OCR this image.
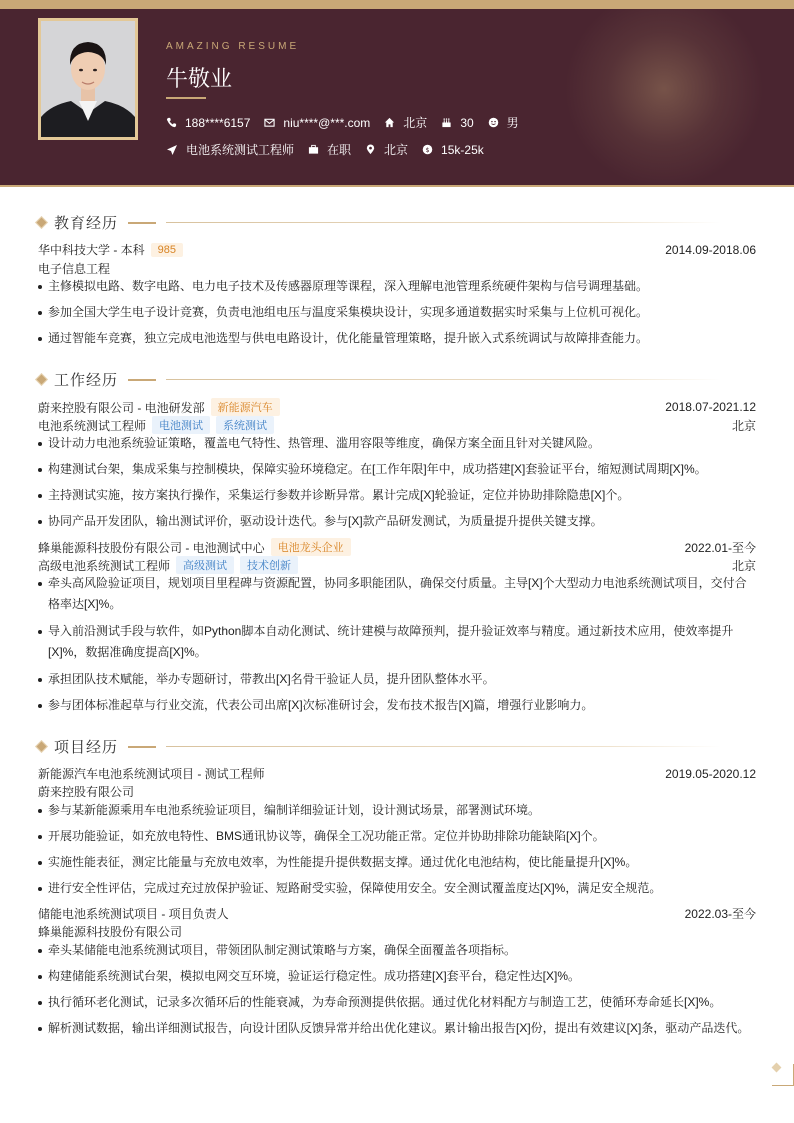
AMAZING RESUME
牛敬业
188****6157	niu****@***.com	北京	30	男
电池系统测试工程师	在职	北京 $ 15k-25k
教育经历
华中科技大学 - 本科	985	2014.09-2018.06
电子信息工程
主修模拟电路、数字电路、电力电子技术及传感器原理等课程，深入理解电池管理系统硬件架构与信号调理基础。
参加全国大学生电子设计竞赛，负责电池组电压与温度采集模块设计，实现多通道数据实时采集与上位机可视化。
通过智能车竞赛，独立完成电池选型与供电电路设计，优化能量管理策略，提升嵌入式系统调试与故障排查能力。
工作经历
蔚来控股有限公司 - 电池研发部	新能源汽车	2018.07-2021.12
电池系统测试工程师	电池测试	系统测试	北京
设计动力电池系统验证策略，覆盖电气特性、热管理、滥用容限等维度，确保方案全面且针对关键风险。
构建测试台架，集成采集与控制模块，保障实验环境稳定。在[工作年限]年中，成功搭建[X]套验证平台，缩短测试周期[X]%。
主持测试实施，按方案执行操作，采集运行参数并诊断异常。累计完成[X]轮验证，定位并协助排除隐患[X]个。
协同产品开发团队，输出测试评价，驱动设计迭代。参与[X]款产品研发测试，为质量提升提供关键支撑。
蜂巢能源科技股份有限公司 - 电池测试中心	电池龙头企业	2022.01-至今
高级电池系统测试工程师	高级测试	技术创新	北京
牵头高风险验证项目，规划项目里程碑与资源配置，协同多职能团队，确保交付质量。主导[X]个大型动力电池系统测试项目，交付合格率达[X]%。
导入前沿测试手段与软件，如Python脚本自动化测试、统计建模与故障预判，提升验证效率与精度。通过新技术应用，使效率提升[X]%，数据准确度提高[X]%。
承担团队技术赋能，举办专题研讨，带教出[X]名骨干验证人员，提升团队整体水平。
参与团体标准起草与行业交流，代表公司出席[X]次标准研讨会，发布技术报告[X]篇，增强行业影响力。
项目经历
新能源汽车电池系统测试项目 - 测试工程师	2019.05-2020.12
蔚来控股有限公司
参与某新能源乘用车电池系统验证项目，编制详细验证计划，设计测试场景，部署测试环境。
开展功能验证，如充放电特性、BMS通讯协议等，确保全工况功能正常。定位并协助排除功能缺陷[X]个。
实施性能表征，测定比能量与充放电效率，为性能提升提供数据支撑。通过优化电池结构，使比能量提升[X]%。
进行安全性评估，完成过充过放保护验证、短路耐受实验，保障使用安全。安全测试覆盖度达[X]%，满足安全规范。
储能电池系统测试项目 - 项目负责人	2022.03-至今
蜂巢能源科技股份有限公司
牵头某储能电池系统测试项目，带领团队制定测试策略与方案，确保全面覆盖各项指标。
构建储能系统测试台架，模拟电网交互环境，验证运行稳定性。成功搭建[X]套平台，稳定性达[X]%。
执行循环老化测试，记录多次循环后的性能衰减，为寿命预测提供依据。通过优化材料配方与制造工艺，使循环寿命延长[X]%。
解析测试数据，输出详细测试报告，向设计团队反馈异常并给出优化建议。累计输出报告[X]份，提出有效建议[X]条，驱动产品迭代。
